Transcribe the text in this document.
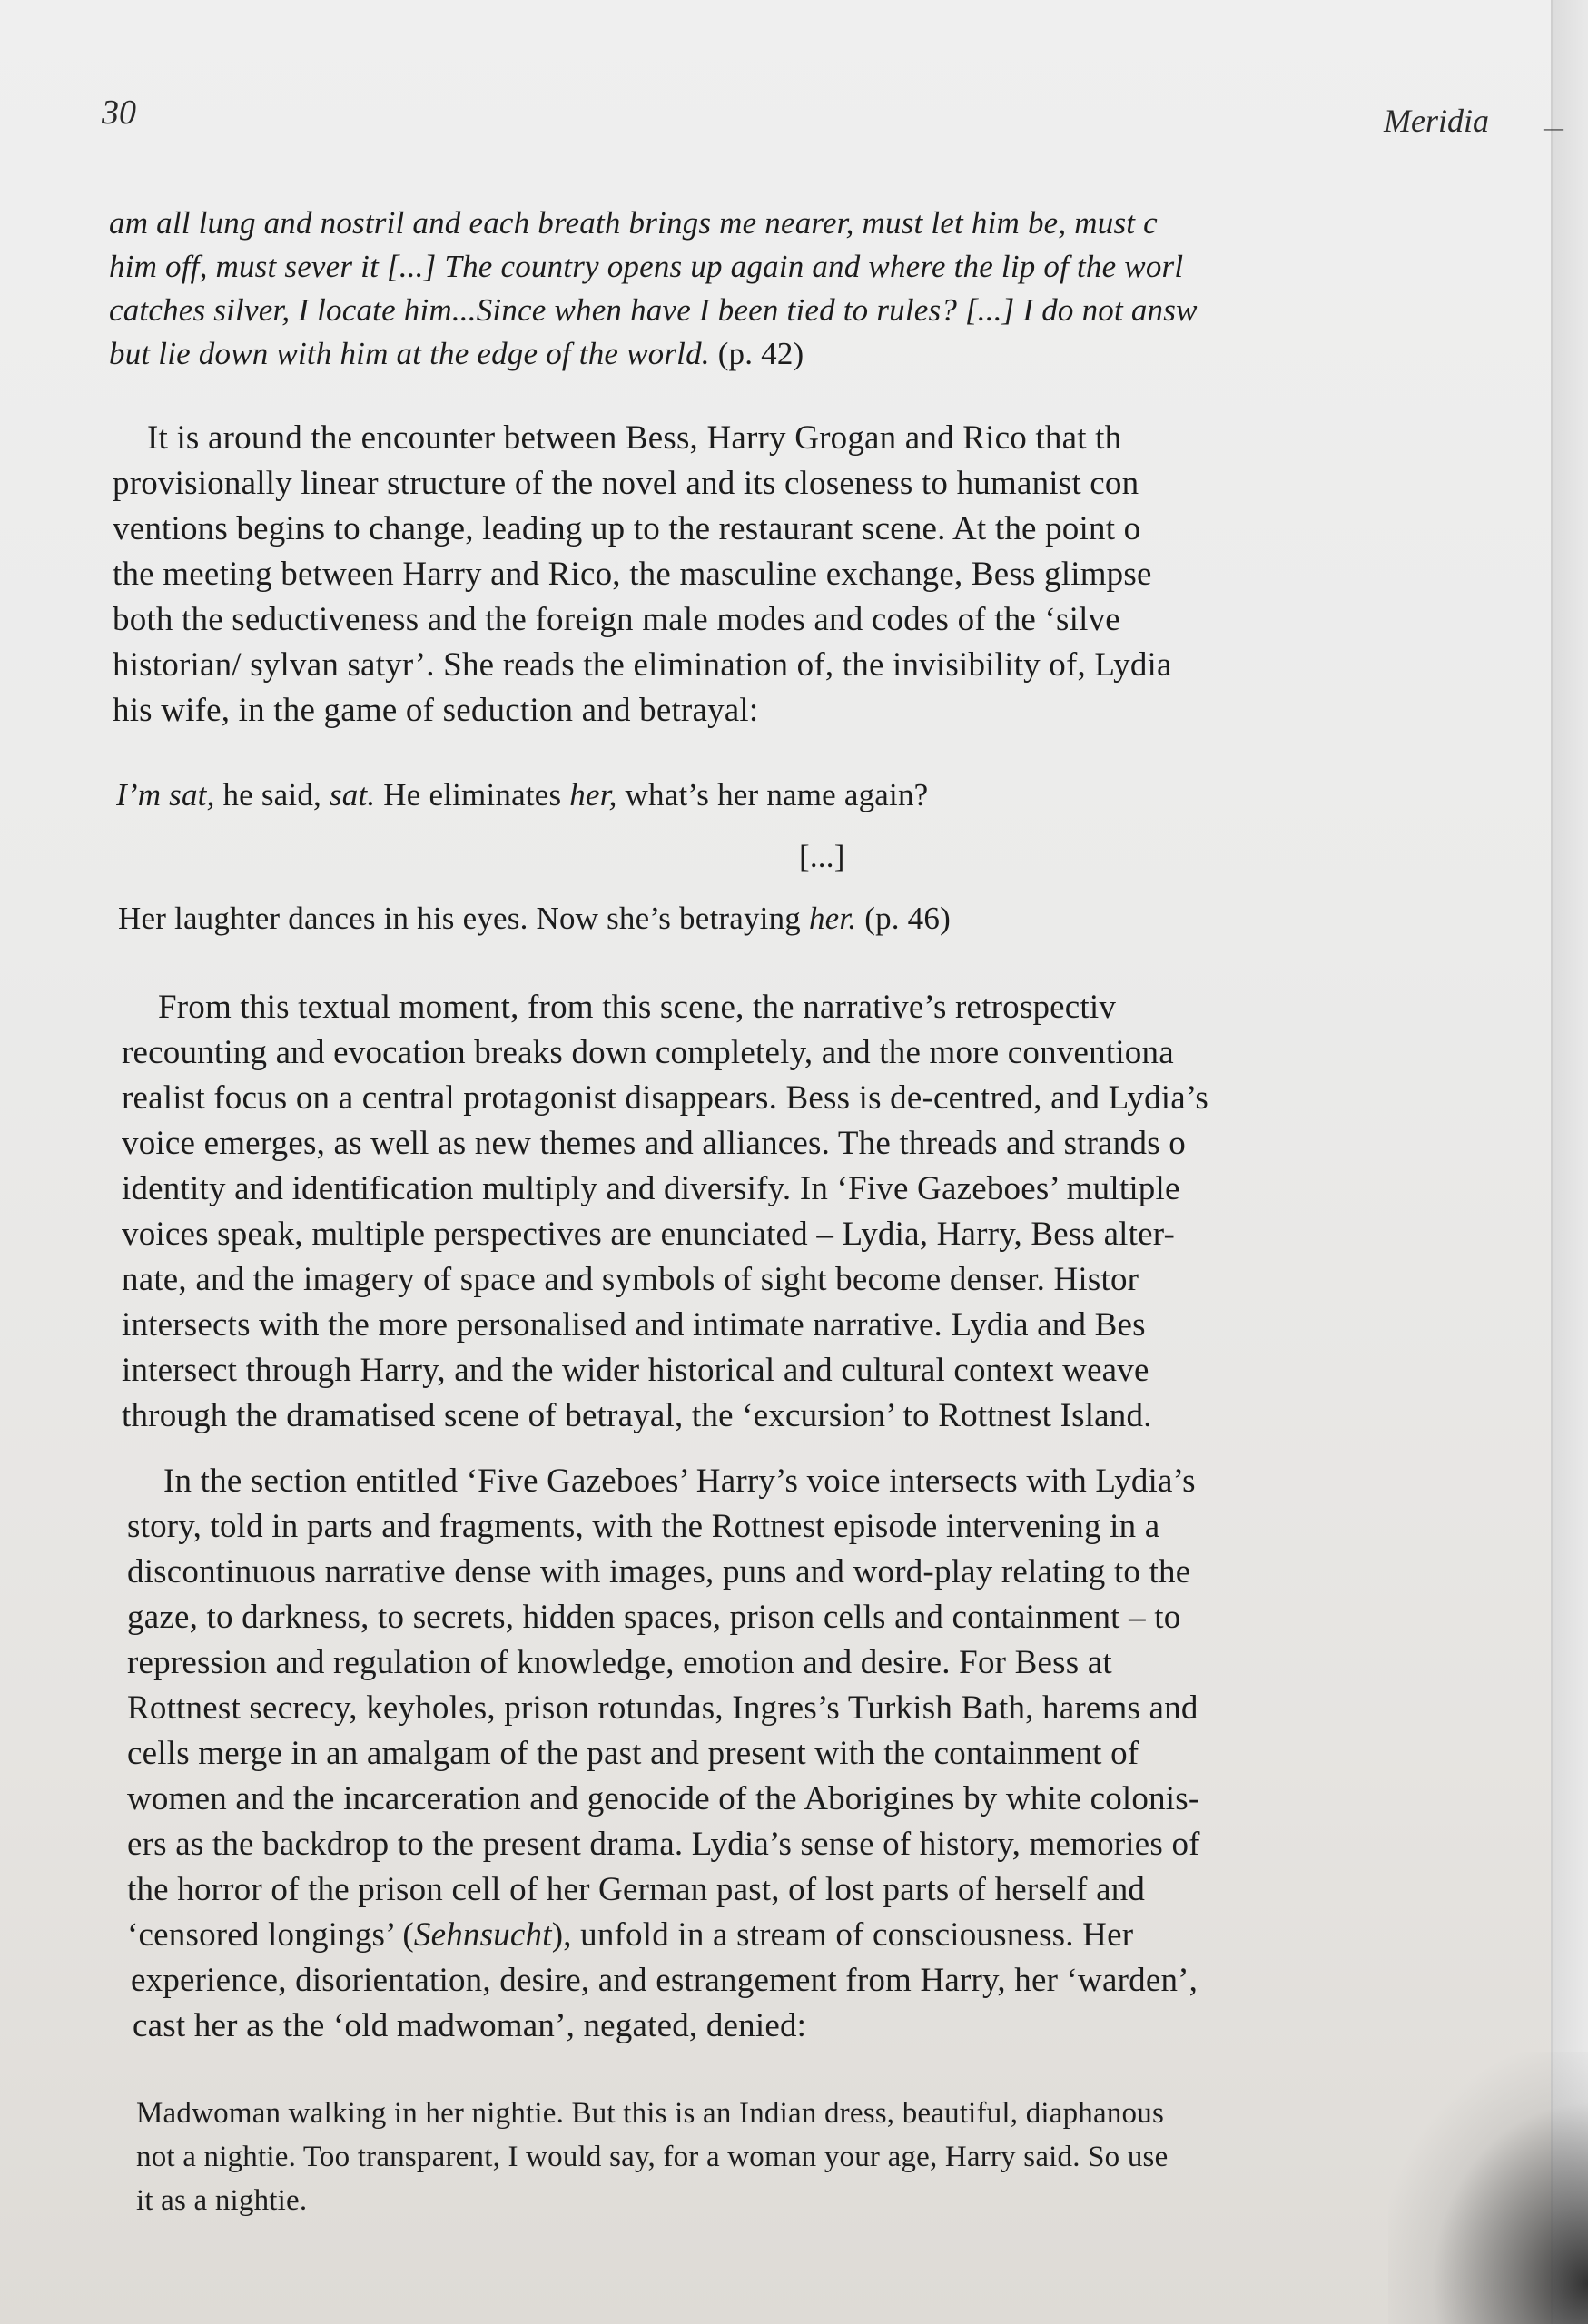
30	Meridia	—
am all lung and nostril and each breath brings me nearer, must let him be, must c
him off, must sever it [...] The country opens up again and where the lip of the worl
catches silver, I locate him...Since when have I been tied to rules? [...] I do not answ
but lie down with him at the edge of the world. (p. 42)
It is around the encounter between Bess, Harry Grogan and Rico that th
provisionally linear structure of the novel and its closeness to humanist con
ventions begins to change, leading up to the restaurant scene. At the point o
the meeting between Harry and Rico, the masculine exchange, Bess glimpse
both the seductiveness and the foreign male modes and codes of the ‘silve
historian/ sylvan satyr’. She reads the elimination of, the invisibility of, Lydia
his wife, in the game of seduction and betrayal:
I’m sat, he said, sat. He eliminates her, what’s her name again?
[...]
Her laughter dances in his eyes. Now she’s betraying her. (p. 46)
From this textual moment, from this scene, the narrative’s retrospectiv
recounting and evocation breaks down completely, and the more conventiona
realist focus on a central protagonist disappears. Bess is de-centred, and Lydia’s
voice emerges, as well as new themes and alliances. The threads and strands o
identity and identification multiply and diversify. In ‘Five Gazeboes’ multiple
voices speak, multiple perspectives are enunciated – Lydia, Harry, Bess alter-
nate, and the imagery of space and symbols of sight become denser. Histor
intersects with the more personalised and intimate narrative. Lydia and Bes
intersect through Harry, and the wider historical and cultural context weave
through the dramatised scene of betrayal, the ‘excursion’ to Rottnest Island.
In the section entitled ‘Five Gazeboes’ Harry’s voice intersects with Lydia’s
story, told in parts and fragments, with the Rottnest episode intervening in a
discontinuous narrative dense with images, puns and word-play relating to the
gaze, to darkness, to secrets, hidden spaces, prison cells and containment – to
repression and regulation of knowledge, emotion and desire. For Bess at
Rottnest secrecy, keyholes, prison rotundas, Ingres’s Turkish Bath, harems and
cells merge in an amalgam of the past and present with the containment of
women and the incarceration and genocide of the Aborigines by white colonis-
ers as the backdrop to the present drama. Lydia’s sense of history, memories of
the horror of the prison cell of her German past, of lost parts of herself and
‘censored longings’ (Sehnsucht), unfold in a stream of consciousness. Her
experience, disorientation, desire, and estrangement from Harry, her ‘warden’,
cast her as the ‘old madwoman’, negated, denied:
Madwoman walking in her nightie. But this is an Indian dress, beautiful, diaphanous
not a nightie. Too transparent, I would say, for a woman your age, Harry said. So use
it as a nightie.
